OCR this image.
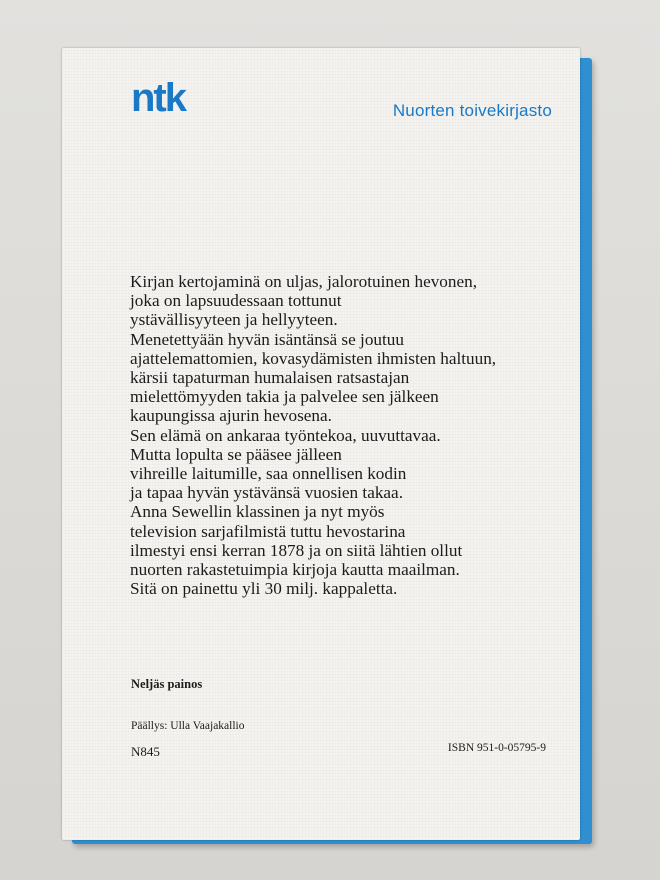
ntk	Nuorten toivekirjasto
Kirjan kertojaminä on uljas, jalorotuinen hevonen,
joka on lapsuudessaan tottunut
ystävällisyyteen ja hellyyteen.
Menetettyään hyvän isäntänsä se joutuu
ajattelemattomien, kovasydämisten ihmisten haltuun,
kärsii tapaturman humalaisen ratsastajan
mielettömyyden takia ja palvelee sen jälkeen
kaupungissa ajurin hevosena.
Sen elämä on ankaraa työntekoa, uuvuttavaa.
Mutta lopulta se pääsee jälleen
vihreille laitumille, saa onnellisen kodin
ja tapaa hyvän ystävänsä vuosien takaa.
Anna Sewellin klassinen ja nyt myös
television sarjafilmistä tuttu hevostarina
ilmestyi ensi kerran 1878 ja on siitä lähtien ollut
nuorten rakastetuimpia kirjoja kautta maailman.
Sitä on painettu yli 30 milj. kappaletta.
Neljäs painos
Päällys: Ulla Vaajakallio
N845	ISBN 951-0-05795-9
